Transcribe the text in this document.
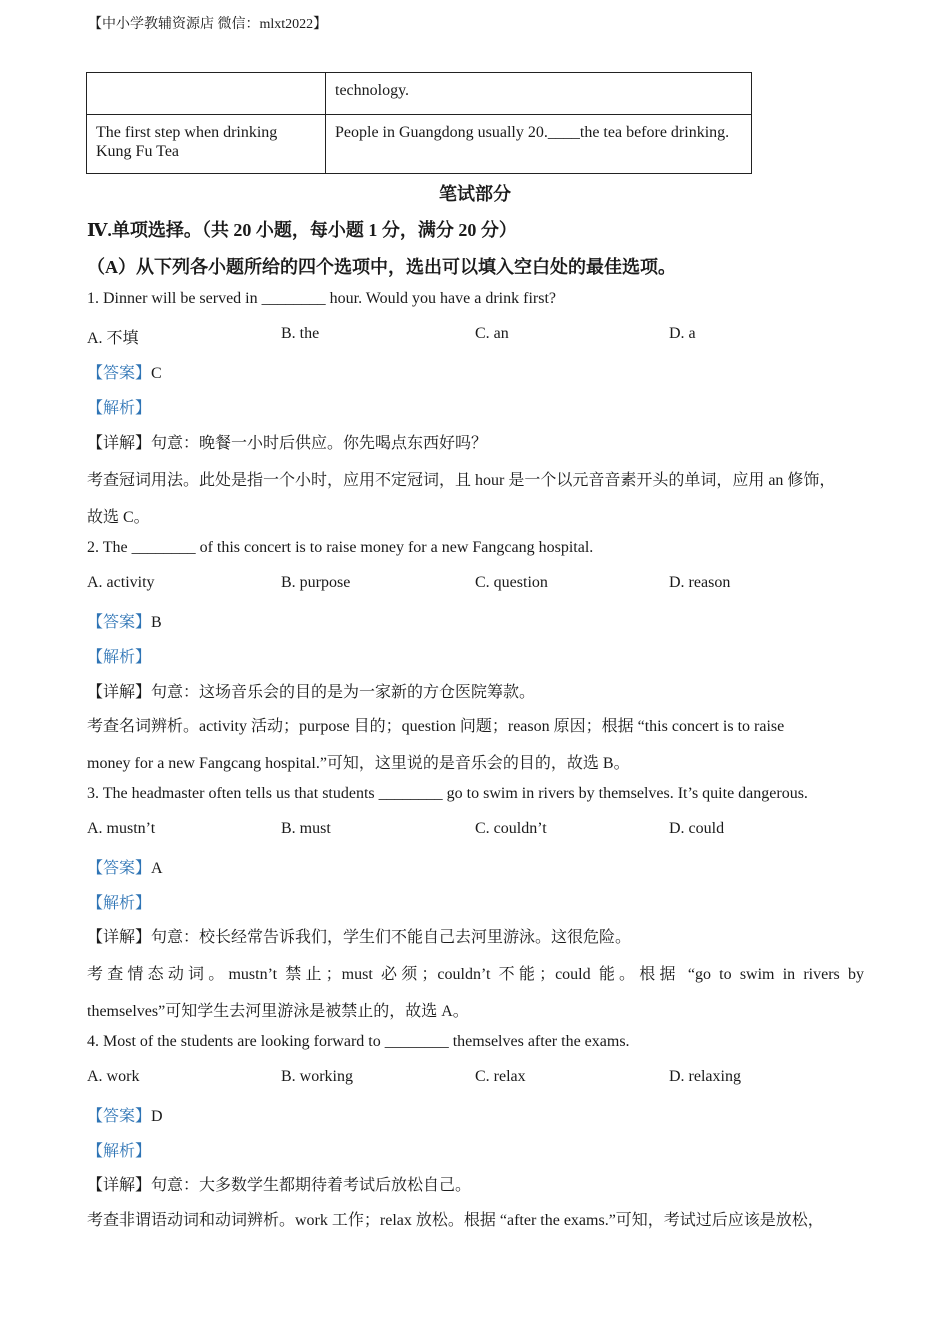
【中小学教辅资源店 微信：mlxt2022】
	technology.
The first step when drinking Kung Fu Tea	People in Guangdong usually 20.____the tea before drinking.
笔试部分
Ⅳ.单项选择。（共 20 小题，每小题 1 分，满分 20 分）
（A）从下列各小题所给的四个选项中，选出可以填入空白处的最佳选项。
1. Dinner will be served in ________ hour. Would you have a drink first?
A. 不填	B. the	C. an	D. a
【答案】C
【解析】
【详解】句意：晚餐一小时后供应。你先喝点东西好吗？
考查冠词用法。此处是指一个小时，应用不定冠词，且 hour 是一个以元音音素开头的单词，应用 an 修饰，
故选 C。
2. The ________ of this concert is to raise money for a new Fangcang hospital.
A. activity	B. purpose	C. question	D. reason
【答案】B
【解析】
【详解】句意：这场音乐会的目的是为一家新的方仓医院筹款。
考查名词辨析。activity 活动；purpose 目的；question 问题；reason 原因；根据 “this concert is to raise
money for a new Fangcang hospital.”可知，这里说的是音乐会的目的，故选 B。
3. The headmaster often tells us that students ________ go to swim in rivers by themselves. It’s quite dangerous.
A. mustn’t	B. must	C. couldn’t	D. could
【答案】A
【解析】
【详解】句意：校长经常告诉我们，学生们不能自己去河里游泳。这很危险。
考查情态动词。mustn’t 禁止；must 必须；couldn’t 不能；could 能。根据 “go to swim in rivers by
themselves”可知学生去河里游泳是被禁止的，故选 A。
4. Most of the students are looking forward to ________ themselves after the exams.
A. work	B. working	C. relax	D. relaxing
【答案】D
【解析】
【详解】句意：大多数学生都期待着考试后放松自己。
考查非谓语动词和动词辨析。work 工作；relax 放松。根据 “after the exams.”可知，考试过后应该是放松，
